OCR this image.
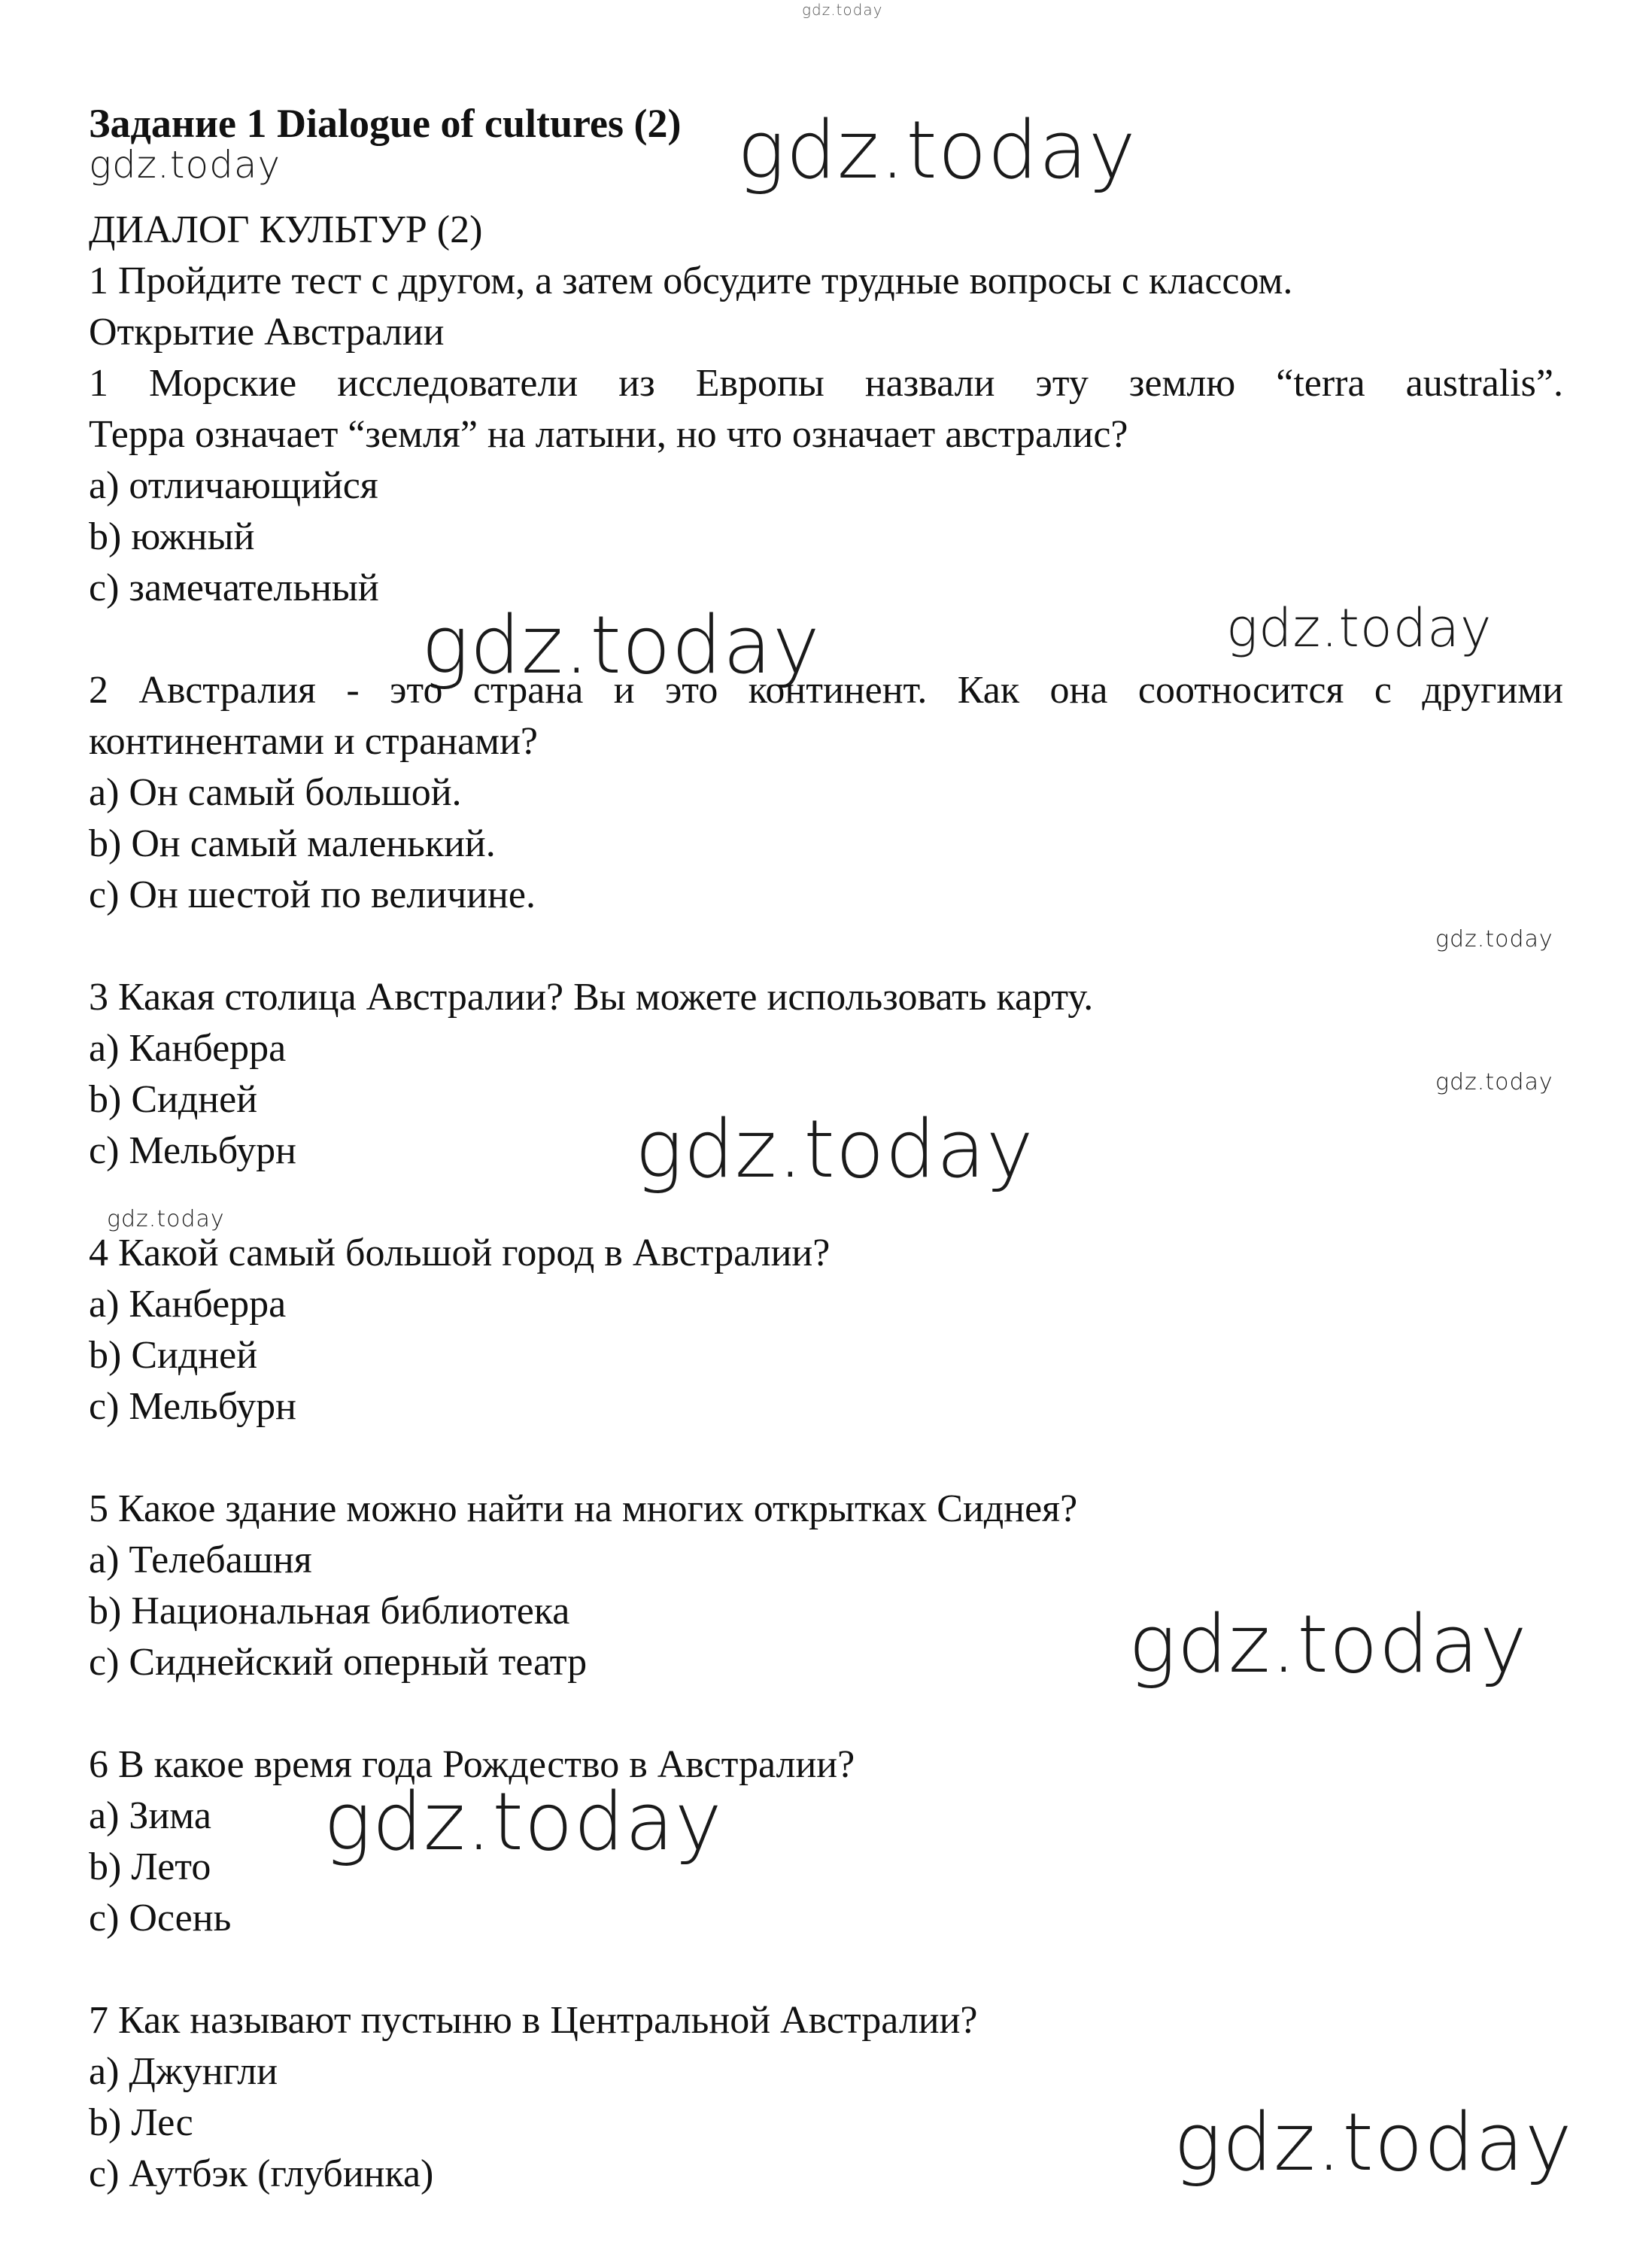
gdz.today
Задание 1 Dialogue of cultures (2)
gdz.today	gdz.today
ДИАЛОГ КУЛЬТУР (2)
1 Пройдите тест с другом, а затем обсудите трудные вопросы с классом.
Открытие Австралии
1 Морские исследователи из Европы назвали эту землю “terra australis”.
Терра означает “земля” на латыни, но что означает австралис?
a) отличающийся
b) южный
c) замечательный
gdz.today	gdz.today
2 Австралия - это страна и это континент. Как она соотносится с другими
континентами и странами?
a) Он самый большой.
b) Он самый маленький.
c) Он шестой по величине.
gdz.today
3 Какая столица Австралии? Вы можете использовать карту.
a) Канберра
b) Сидней
c) Мельбурн
gdz.today
gdz.today
gdz.today
4 Какой самый большой город в Австралии?
a) Канберра
b) Сидней
c) Мельбурн
5 Какое здание можно найти на многих открытках Сиднея?
a) Телебашня
b) Национальная библиотека
c) Сиднейский оперный театр	gdz.today
6 В какое время года Рождество в Австралии?
a) Зима
b) Лето
c) Осень
gdz.today
7 Как называют пустыню в Центральной Австралии?
a) Джунгли
b) Лес
c) Аутбэк (глубинка)	gdz.today
